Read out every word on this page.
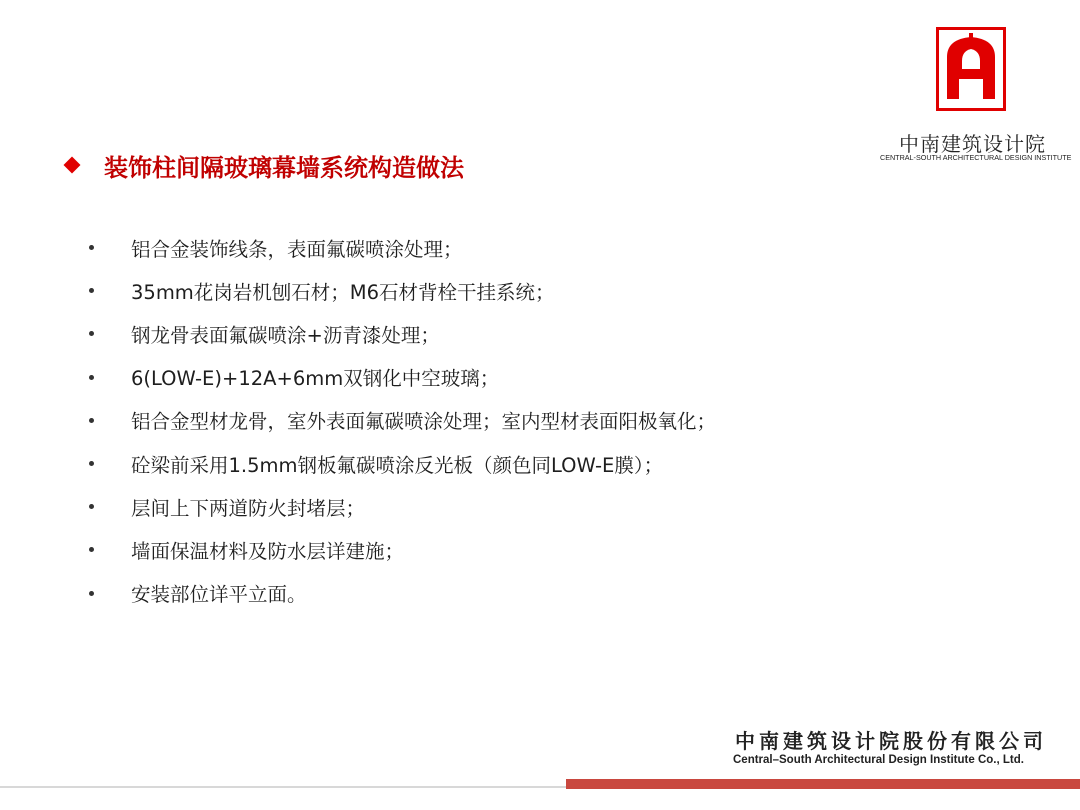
中南建筑设计院
CENTRAL-SOUTH ARCHITECTURAL DESIGN INSTITUTE
装饰柱间隔玻璃幕墙系统构造做法
铝合金装饰线条，表面氟碳喷涂处理；
35mm花岗岩机刨石材；M6石材背栓干挂系统；
钢龙骨表面氟碳喷涂+沥青漆处理；
6(LOW-E)+12A+6mm双钢化中空玻璃；
铝合金型材龙骨，室外表面氟碳喷涂处理；室内型材表面阳极氧化；
砼梁前采用1.5mm钢板氟碳喷涂反光板（颜色同LOW-E膜）；
层间上下两道防火封堵层；
墙面保温材料及防水层详建施；
安装部位详平立面。
中南建筑设计院股份有限公司
Central–South Architectural Design Institute Co., Ltd.
